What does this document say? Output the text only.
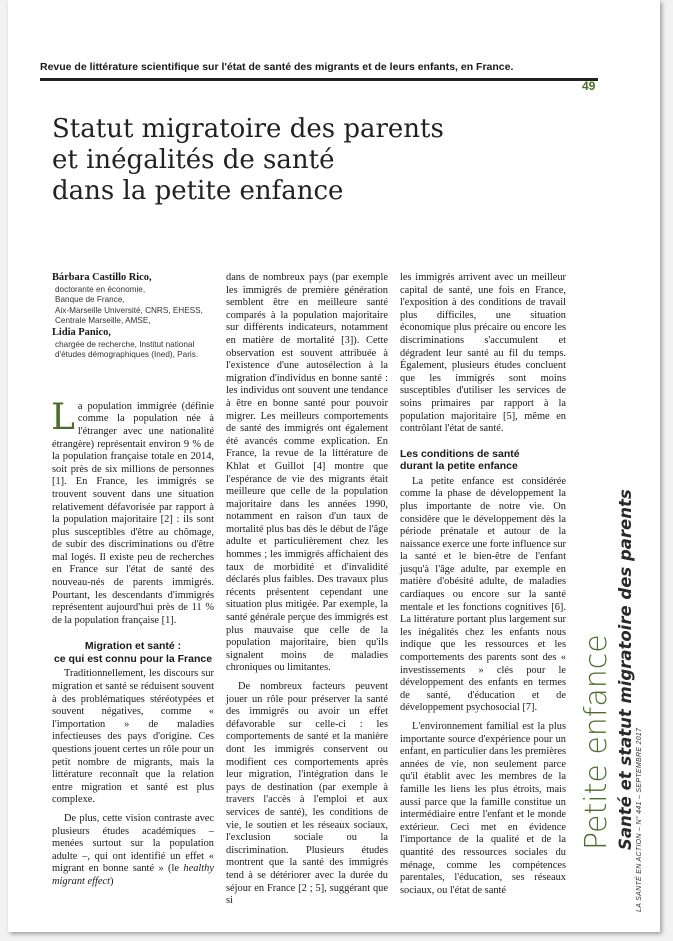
Revue de littérature scientifique sur l'état de santé des migrants et de leurs enfants, en France.
49
Statut migratoire des parents
et inégalités de santé
dans la petite enfance
Bárbara Castillo Rico,
doctorante en économie,
Banque de France,
Aix-Marseille Université, CNRS, EHESS,
Centrale Marseille, AMSE,
Lidia Panico,
chargée de recherche, Institut national
d'études démographiques (Ined), Paris.

La population immigrée (définie comme la population née à l'étranger avec une nationalité étrangère) représentait environ 9 % de la population française totale en 2014, soit près de six millions de personnes [1]. En France, les immigrés se trouvent souvent dans une situation relativement défavorisée par rapport à la population majoritaire [2] : ils sont plus susceptibles d'être au chômage, de subir des discriminations ou d'être mal logés. Il existe peu de recherches en France sur l'état de santé des nouveau-nés de parents immigrés. Pourtant, les descendants d'immigrés représentent aujourd'hui près de 11 % de la population française [1].

Migration et santé :
ce qui est connu pour la France

Traditionnellement, les discours sur migration et santé se réduisent souvent à des problématiques stéréotypées et souvent négatives, comme « l'importation » de maladies infectieuses des pays d'origine. Ces questions jouent certes un rôle pour un petit nombre de migrants, mais la littérature reconnaît que la relation entre migration et santé est plus complexe.

De plus, cette vision contraste avec plusieurs études académiques – menées surtout sur la population adulte –, qui ont identifié un effet « migrant en bonne santé » (le healthy migrant effect)

dans de nombreux pays (par exemple les immigrés de première génération semblent être en meilleure santé comparés à la population majoritaire sur différents indicateurs, notamment en matière de mortalité [3]). Cette observation est souvent attribuée à l'existence d'une autosélection à la migration d'individus en bonne santé : les individus ont souvent une tendance à être en bonne santé pour pouvoir migrer. Les meilleurs comportements de santé des immigrés ont également été avancés comme explication. En France, la revue de la littérature de Khlat et Guillot [4] montre que l'espérance de vie des migrants était meilleure que celle de la population majoritaire dans les années 1990, notamment en raison d'un taux de mortalité plus bas dès le début de l'âge adulte et particulièrement chez les hommes ; les immigrés affichaient des taux de morbidité et d'invalidité déclarés plus faibles. Des travaux plus récents présentent cependant une situation plus mitigée. Par exemple, la santé générale perçue des immigrés est plus mauvaise que celle de la population majoritaire, bien qu'ils signalent moins de maladies chroniques ou limitantes.

De nombreux facteurs peuvent jouer un rôle pour préserver la santé des immigrés ou avoir un effet défavorable sur celle-ci : les comportements de santé et la manière dont les immigrés conservent ou modifient ces comportements après leur migration, l'intégration dans le pays de destination (par exemple à travers l'accès à l'emploi et aux services de santé), les conditions de vie, le soutien et les réseaux sociaux, l'exclusion sociale ou la discrimination. Plusieurs études montrent que la santé des immigrés tend à se détériorer avec la durée du séjour en France [2 ; 5], suggérant que si

les immigrés arrivent avec un meilleur capital de santé, une fois en France, l'exposition à des conditions de travail plus difficiles, une situation économique plus précaire ou encore les discriminations s'accumulent et dégradent leur santé au fil du temps. Également, plusieurs études concluent que les immigrés sont moins susceptibles d'utiliser les services de soins primaires par rapport à la population majoritaire [5], même en contrôlant l'état de santé.

Les conditions de santé
durant la petite enfance

La petite enfance est considérée comme la phase de développement la plus importante de notre vie. On considère que le développement dès la période prénatale et autour de la naissance exerce une forte influence sur la santé et le bien-être de l'enfant jusqu'à l'âge adulte, par exemple en matière d'obésité adulte, de maladies cardiaques ou encore sur la santé mentale et les fonctions cognitives [6]. La littérature portant plus largement sur les inégalités chez les enfants nous indique que les ressources et les comportements des parents sont des « investissements » clés pour le développement des enfants en termes de santé, d'éducation et de développement psychosocial [7].

L'environnement familial est la plus importante source d'expérience pour un enfant, en particulier dans les premières années de vie, non seulement parce qu'il établit avec les membres de la famille les liens les plus étroits, mais aussi parce que la famille constitue un intermédiaire entre l'enfant et le monde extérieur. Ceci met en évidence l'importance de la qualité et de la quantité des ressources sociales du ménage, comme les compétences parentales, l'éducation, ses réseaux sociaux, ou l'état de santé

Petite enfance Santé et statut migratoire des parents LA SANTÉ EN ACTION – N° 441 – SEPTEMBRE 2017
